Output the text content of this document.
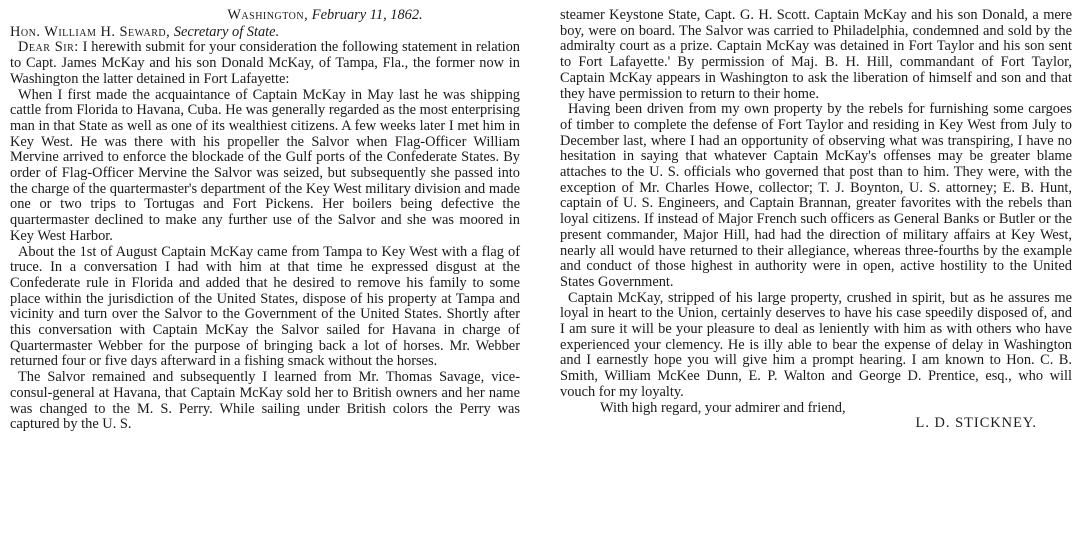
Washington, February 11, 1862.

Hon. William H. Seward, Secretary of State.

Dear Sir: I herewith submit for your consideration the following statement in relation to Capt. James McKay and his son Donald McKay, of Tampa, Fla., the former now in Washington the latter detained in Fort Lafayette:

When I first made the acquaintance of Captain McKay in May last he was shipping cattle from Florida to Havana, Cuba. He was generally regarded as the most enterprising man in that State as well as one of its wealthiest citizens. A few weeks later I met him in Key West. He was there with his propeller the Salvor when Flag-Officer William Mervine arrived to enforce the blockade of the Gulf ports of the Confederate States. By order of Flag-Officer Mervine the Salvor was seized, but subsequently she passed into the charge of the quartermaster's department of the Key West military division and made one or two trips to Tortugas and Fort Pickens. Her boilers being defective the quartermaster declined to make any further use of the Salvor and she was moored in Key West Harbor.

About the 1st of August Captain McKay came from Tampa to Key West with a flag of truce. In a conversation I had with him at that time he expressed disgust at the Confederate rule in Florida and added that he desired to remove his family to some place within the jurisdiction of the United States, dispose of his property at Tampa and vicinity and turn over the Salvor to the Government of the United States. Shortly after this conversation with Captain McKay the Salvor sailed for Havana in charge of Quartermaster Webber for the purpose of bringing back a lot of horses. Mr. Webber returned four or five days afterward in a fishing smack without the horses.

The Salvor remained and subsequently I learned from Mr. Thomas Savage, vice-consul-general at Havana, that Captain McKay sold her to British owners and her name was changed to the M. S. Perry. While sailing under British colors the Perry was captured by the U. S.

steamer Keystone State, Capt. G. H. Scott. Captain McKay and his son Donald, a mere boy, were on board. The Salvor was carried to Philadelphia, condemned and sold by the admiralty court as a prize. Captain McKay was detained in Fort Taylor and his son sent to Fort Lafayette.' By permission of Maj. B. H. Hill, commandant of Fort Taylor, Captain McKay appears in Washington to ask the liberation of himself and son and that they have permission to return to their home.

Having been driven from my own property by the rebels for furnishing some cargoes of timber to complete the defense of Fort Taylor and residing in Key West from July to December last, where I had an opportunity of observing what was transpiring, I have no hesitation in saying that whatever Captain McKay's offenses may be greater blame attaches to the U. S. officials who governed that post than to him. They were, with the exception of Mr. Charles Howe, collector; T. J. Boynton, U. S. attorney; E. B. Hunt, captain of U. S. Engineers, and Captain Brannan, greater favorites with the rebels than loyal citizens. If instead of Major French such officers as General Banks or Butler or the present commander, Major Hill, had had the direction of military affairs at Key West, nearly all would have returned to their allegiance, whereas three-fourths by the example and conduct of those highest in authority were in open, active hostility to the United States Government.

Captain McKay, stripped of his large property, crushed in spirit, but as he assures me loyal in heart to the Union, certainly deserves to have his case speedily disposed of, and I am sure it will be your pleasure to deal as leniently with him as with others who have experienced your clemency. He is illy able to bear the expense of delay in Washington and I earnestly hope you will give him a prompt hearing. I am known to Hon. C. B. Smith, William McKee Dunn, E. P. Walton and George D. Prentice, esq., who will vouch for my loyalty.

With high regard, your admirer and friend,

L. D. STICKNEY.
